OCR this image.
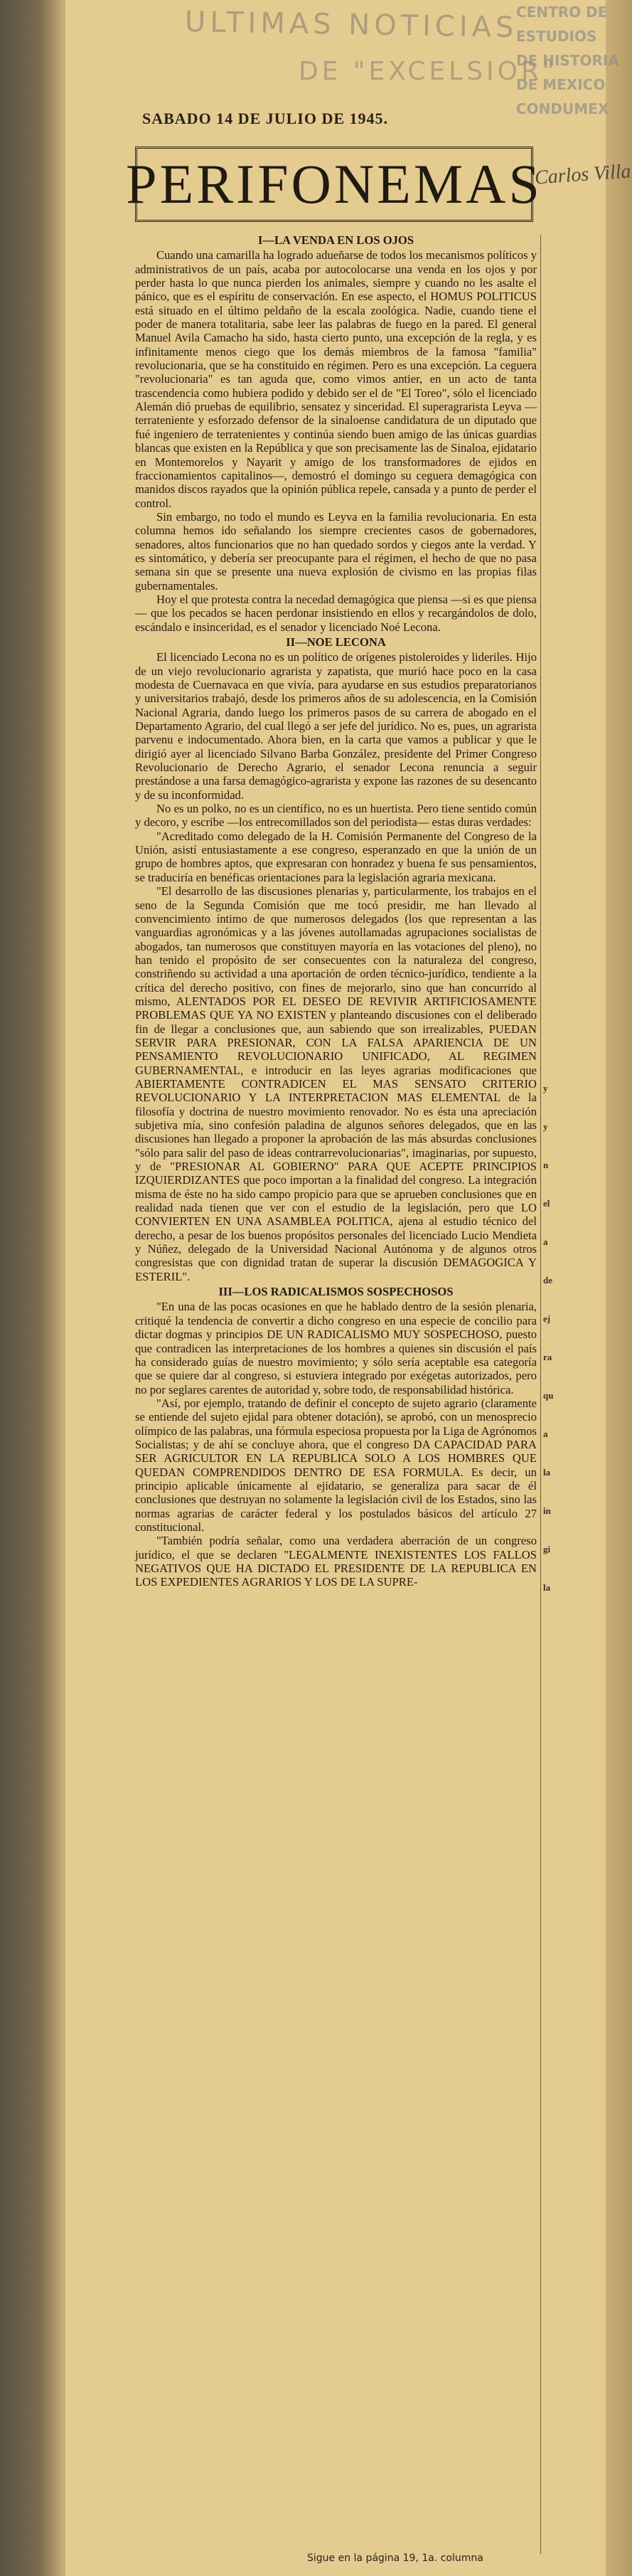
ULTIMAS NOTICIAS
DE "EXCELSIOR"
CENTRO DE
ESTUDIOS
DE HISTORIA
DE MEXICO
CONDUMEX
Carlos Villa
SABADO 14 DE JULIO DE 1945.
PERIFONEMAS
I—LA VENDA EN LOS OJOS

Cuando una camarilla ha logrado adueñarse de todos los mecanismos políticos y administrativos de un país, acaba por autocolocarse una venda en los ojos y por perder hasta lo que nunca pierden los animales, siempre y cuando no les asalte el pánico, que es el espíritu de conservación. En ese aspecto, el HOMUS POLITICUS está situado en el último peldaño de la escala zoológica. Nadie, cuando tiene el poder de manera totalitaria, sabe leer las palabras de fuego en la pared. El general Manuel Avila Camacho ha sido, hasta cierto punto, una excepción de la regla, y es infinitamente menos ciego que los demás miembros de la famosa "familia" revolucionaria, que se ha constituido en régimen. Pero es una excepción. La ceguera "revolucionaria" es tan aguda que, como vimos antier, en un acto de tanta trascendencia como hubiera podido y debido ser el de "El Toreo", sólo el licenciado Alemán dió pruebas de equilibrio, sensatez y sinceridad. El superagrarista Leyva —terrateniente y esforzado defensor de la sinaloense candidatura de un diputado que fué ingeniero de terratenientes y continúa siendo buen amigo de las únicas guardias blancas que existen en la República y que son precisamente las de Sinaloa, ejidatario en Montemorelos y Nayarit y amigo de los transformadores de ejidos en fraccionamientos capitalinos—, demostró el domingo su ceguera demagógica con manidos discos rayados que la opinión pública repele, cansada y a punto de perder el control.

Sin embargo, no todo el mundo es Leyva en la familia revolucionaria. En esta columna hemos ido señalando los siempre crecientes casos de gobernadores, senadores, altos funcionarios que no han quedado sordos y ciegos ante la verdad. Y es sintomático, y debería ser preocupante para el régimen, el hecho de que no pasa semana sin que se presente una nueva explosión de civismo en las propias filas gubernamentales.

Hoy el que protesta contra la necedad demagógica que piensa —si es que piensa— que los pecados se hacen perdonar insistiendo en ellos y recargándolos de dolo, escándalo e insinceridad, es el senador y licenciado Noé Lecona.

II—NOE LECONA

El licenciado Lecona no es un político de orígenes pistoleroides y lideriles. Hijo de un viejo revolucionario agrarista y zapatista, que murió hace poco en la casa modesta de Cuernavaca en que vivía, para ayudarse en sus estudios preparatorianos y universitarios trabajó, desde los primeros años de su adolescencia, en la Comisión Nacional Agraria, dando luego los primeros pasos de su carrera de abogado en el Departamento Agrario, del cual llegó a ser jefe del jurídico. No es, pues, un agrarista parvenu e indocumentado. Ahora bien, en la carta que vamos a publicar y que le dirigió ayer al licenciado Silvano Barba González, presidente del Primer Congreso Revolucionario de Derecho Agrario, el senador Lecona renuncia a seguir prestándose a una farsa demagógico-agrarista y expone las razones de su desencanto y de su inconformidad.

No es un polko, no es un científico, no es un huertista. Pero tiene sentido común y decoro, y escribe —los entrecomillados son del periodista— estas duras verdades:

"Acreditado como delegado de la H. Comisión Permanente del Congreso de la Unión, asistí entusiastamente a ese congreso, esperanzado en que la unión de un grupo de hombres aptos, que expresaran con honradez y buena fe sus pensamientos, se traduciría en benéficas orientaciones para la legislación agraria mexicana.

"El desarrollo de las discusiones plenarias y, particularmente, los trabajos en el seno de la Segunda Comisión que me tocó presidir, me han llevado al convencimiento íntimo de que numerosos delegados (los que representan a las vanguardias agronómicas y a las jóvenes autollamadas agrupaciones socialistas de abogados, tan numerosos que constituyen mayoría en las votaciones del pleno), no han tenido el propósito de ser consecuentes con la naturaleza del congreso, constriñendo su actividad a una aportación de orden técnico-jurídico, tendiente a la crítica del derecho positivo, con fines de mejorarlo, sino que han concurrido al mismo, ALENTADOS POR EL DESEO DE REVIVIR ARTIFICIOSAMENTE PROBLEMAS QUE YA NO EXISTEN y planteando discusiones con el deliberado fin de llegar a conclusiones que, aun sabiendo que son irrealizables, PUEDAN SERVIR PARA PRESIONAR, CON LA FALSA APARIENCIA DE UN PENSAMIENTO REVOLUCIONARIO UNIFICADO, AL REGIMEN GUBERNAMENTAL, e introducir en las leyes agrarias modificaciones que ABIERTAMENTE CONTRADICEN EL MAS SENSATO CRITERIO REVOLUCIONARIO Y LA INTERPRETACION MAS ELEMENTAL de la filosofía y doctrina de nuestro movimiento renovador. No es ésta una apreciación subjetiva mía, sino confesión paladina de algunos señores delegados, que en las discusiones han llegado a proponer la aprobación de las más absurdas conclusiones "sólo para salir del paso de ideas contrarrevolucionarias", imaginarias, por supuesto, y de "PRESIONAR AL GOBIERNO" PARA QUE ACEPTE PRINCIPIOS IZQUIERDIZANTES que poco importan a la finalidad del congreso. La integración misma de éste no ha sido campo propicio para que se aprueben conclusiones que en realidad nada tienen que ver con el estudio de la legislación, pero que LO CONVIERTEN EN UNA ASAMBLEA POLITICA, ajena al estudio técnico del derecho, a pesar de los buenos propósitos personales del licenciado Lucio Mendieta y Núñez, delegado de la Universidad Nacional Autónoma y de algunos otros congresistas que con dignidad tratan de superar la discusión DEMAGOGICA Y ESTERIL".

III—LOS RADICALISMOS SOSPECHOSOS

"En una de las pocas ocasiones en que he hablado dentro de la sesión plenaria, critiqué la tendencia de convertir a dicho congreso en una especie de concilio para dictar dogmas y principios DE UN RADICALISMO MUY SOSPECHOSO, puesto que contradicen las interpretaciones de los hombres a quienes sin discusión el país ha considerado guías de nuestro movimiento; y sólo sería aceptable esa categoría que se quiere dar al congreso, si estuviera integrado por exégetas autorizados, pero no por seglares carentes de autoridad y, sobre todo, de responsabilidad histórica.

"Así, por ejemplo, tratando de definir el concepto de sujeto agrario (claramente se entiende del sujeto ejidal para obtener dotación), se aprobó, con un menosprecio olímpico de las palabras, una fórmula especiosa propuesta por la Liga de Agrónomos Socialistas; y de ahí se concluye ahora, que el congreso DA CAPACIDAD PARA SER AGRICULTOR EN LA REPUBLICA SOLO A LOS HOMBRES QUE QUEDAN COMPRENDIDOS DENTRO DE ESA FORMULA. Es decir, un principio aplicable únicamente al ejidatario, se generaliza para sacar de él conclusiones que destruyan no solamente la legislación civil de los Estados, sino las normas agrarias de carácter federal y los postulados básicos del artículo 27 constitucional.

"También podría señalar, como una verdadera aberración de un congreso jurídico, el que se declaren "LEGALMENTE INEXISTENTES LOS FALLOS NEGATIVOS QUE HA DICTADO EL PRESIDENTE DE LA REPUBLICA EN LOS EXPEDIENTES AGRARIOS Y LOS DE LA SUPRE-

y
y
n
el
a
de
ej
ra
qu
a
la
in
gi
la
Sigue en la página 19, 1a. columna
